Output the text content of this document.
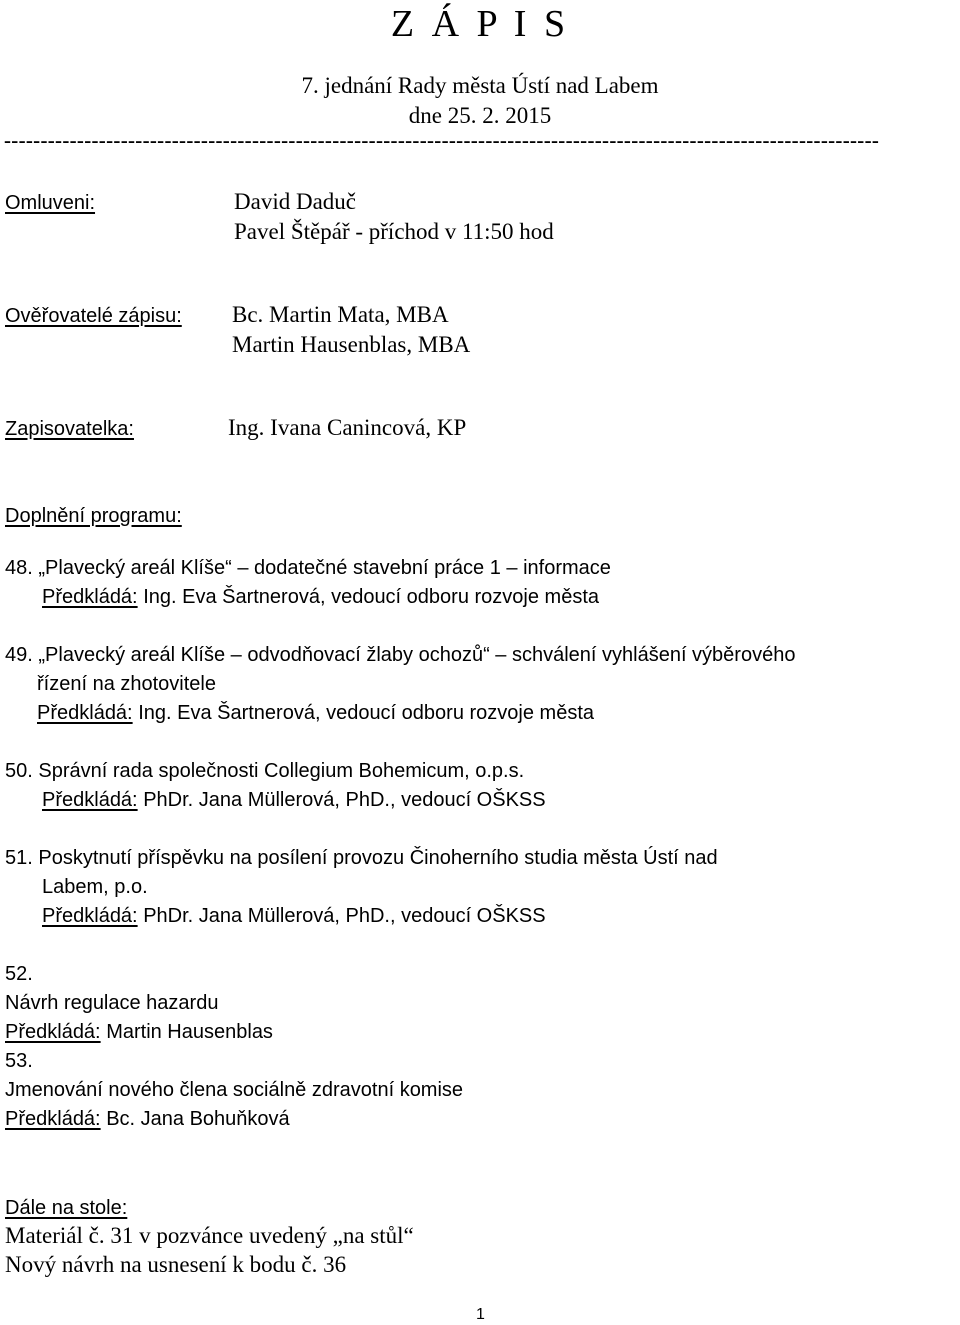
Z Á P I S
7. jednání Rady města Ústí nad Labem
dne 25. 2. 2015
------------------------------------------------------------------------------------------------------------------------
Omluveni:	David Daduč
Pavel Štěpář - příchod v 11:50 hod
Ověřovatelé zápisu: Bc. Martin Mata, MBA
Martin Hausenblas, MBA
Zapisovatelka:	Ing. Ivana Canincová, KP
Doplnění programu:
48. „Plavecký areál Klíše“ – dodatečné stavební práce 1 – informace
Předkládá: Ing. Eva Šartnerová, vedoucí odboru rozvoje města
49. „Plavecký areál Klíše – odvodňovací žlaby ochozů“ – schválení vyhlášení výběrového
řízení na zhotovitele
Předkládá: Ing. Eva Šartnerová, vedoucí odboru rozvoje města
50. Správní rada společnosti Collegium Bohemicum, o.p.s.
Předkládá: PhDr. Jana Müllerová, PhD., vedoucí OŠKSS
51. Poskytnutí příspěvku na posílení provozu Činoherního studia města Ústí nad
Labem, p.o.
Předkládá: PhDr. Jana Müllerová, PhD., vedoucí OŠKSS
52.
Návrh regulace hazardu
Předkládá: Martin Hausenblas
53.
Jmenování nového člena sociálně zdravotní komise
Předkládá: Bc. Jana Bohuňková
Dále na stole:
Materiál č. 31 v pozvánce uvedený „na stůl“
Nový návrh na usnesení k bodu č. 36
1
